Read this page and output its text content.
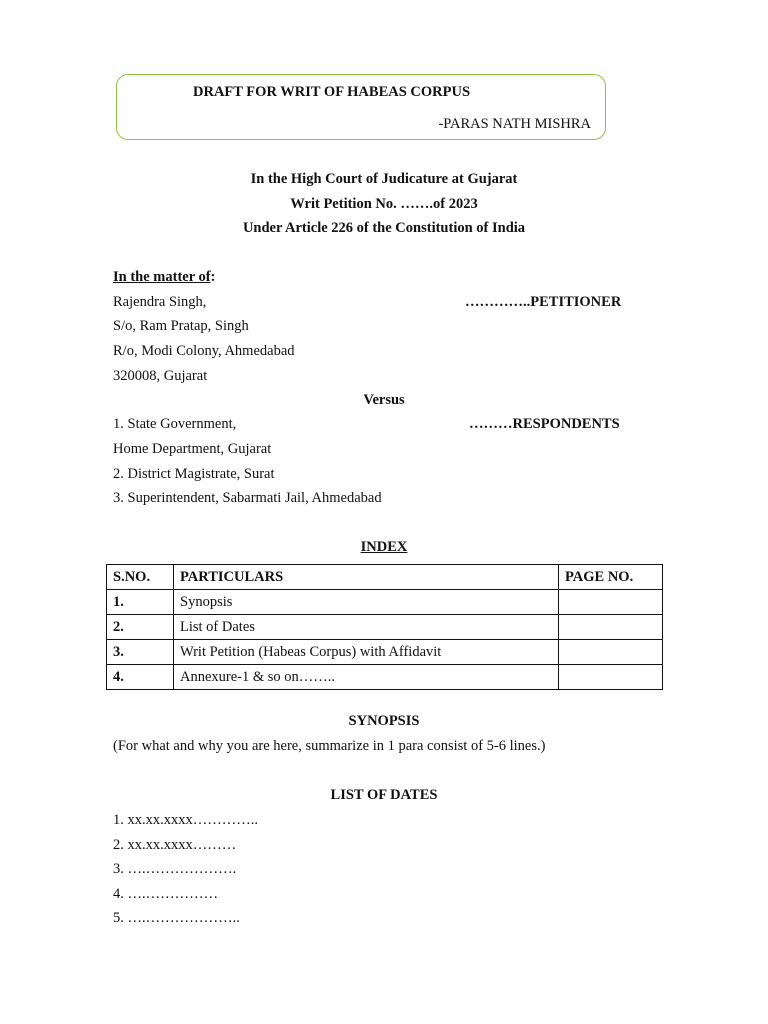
DRAFT FOR WRIT OF HABEAS CORPUS
-PARAS NATH MISHRA
In the High Court of Judicature at Gujarat
Writ Petition No. …….of 2023
Under Article 226 of the Constitution of India
In the matter of:
Rajendra Singh,	…………..PETITIONER
S/o, Ram Pratap, Singh
R/o, Modi Colony, Ahmedabad
320008, Gujarat
Versus
1. State Government,	………RESPONDENTS
Home Department, Gujarat
2. District Magistrate, Surat
3. Superintendent, Sabarmati Jail, Ahmedabad
INDEX
S.NO.	PARTICULARS	PAGE NO.
1.	Synopsis	
2.	List of Dates	
3.	Writ Petition (Habeas Corpus) with Affidavit	
4.	Annexure-1 & so on……..	
SYNOPSIS
(For what and why you are here, summarize in 1 para consist of 5-6 lines.)
LIST OF DATES
1. xx.xx.xxxx…………..
2. xx.xx.xxxx………
3. ….……………….
4. ….……………
5. ….………………..
